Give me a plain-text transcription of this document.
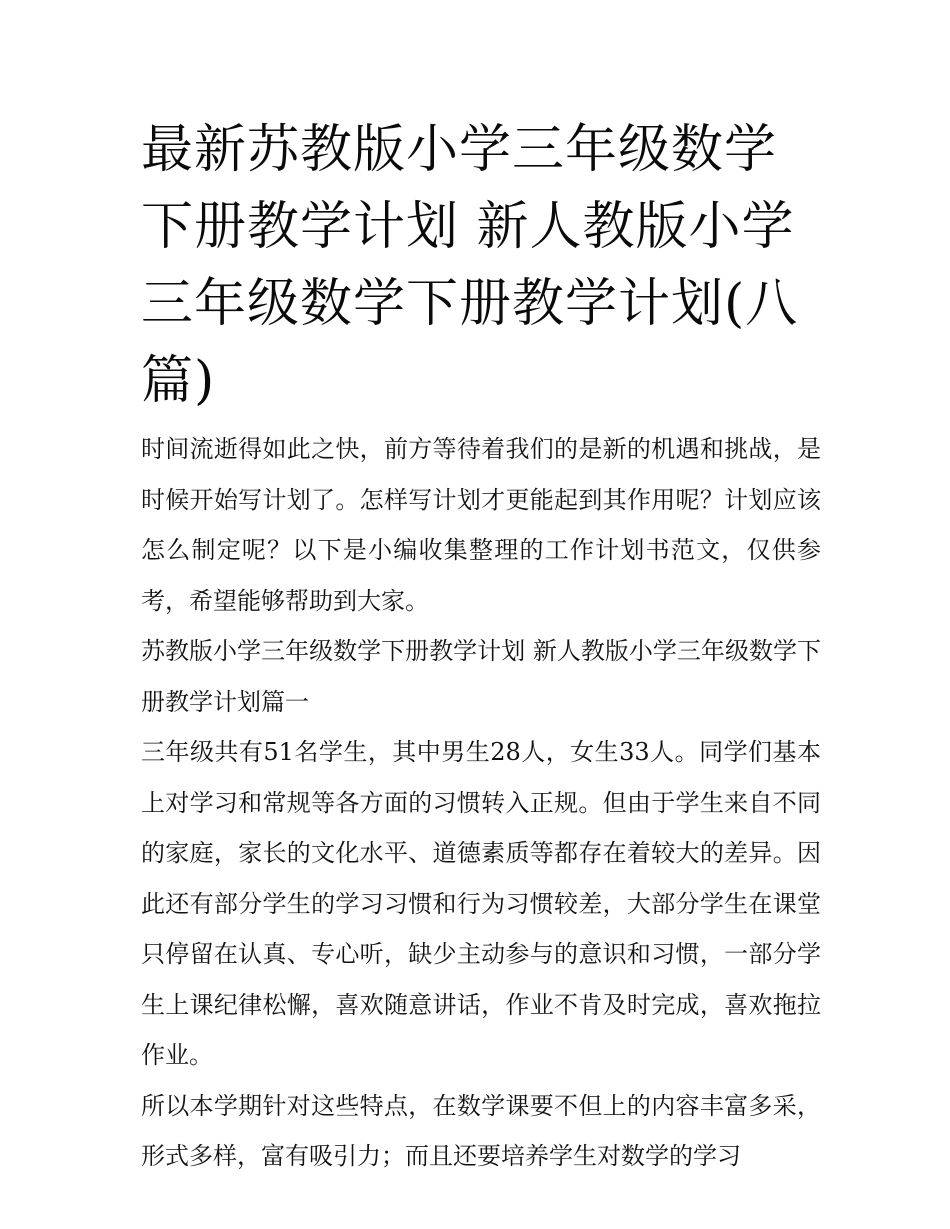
最新苏教版小学三年级数学下册教学计划 新人教版小学三年级数学下册教学计划(八篇)

时间流逝得如此之快，前方等待着我们的是新的机遇和挑战，是时候开始写计划了。怎样写计划才更能起到其作用呢？计划应该怎么制定呢？以下是小编收集整理的工作计划书范文，仅供参考，希望能够帮助到大家。

苏教版小学三年级数学下册教学计划 新人教版小学三年级数学下册教学计划篇一

三年级共有51名学生，其中男生28人，女生33人。同学们基本上对学习和常规等各方面的习惯转入正规。但由于学生来自不同的家庭，家长的文化水平、道德素质等都存在着较大的差异。因此还有部分学生的学习习惯和行为习惯较差，大部分学生在课堂只停留在认真、专心听，缺少主动参与的意识和习惯，一部分学生上课纪律松懈，喜欢随意讲话，作业不肯及时完成，喜欢拖拉作业。

所以本学期针对这些特点，在数学课要不但上的内容丰富多采，形式多样，富有吸引力；而且还要培养学生对数学的学习
